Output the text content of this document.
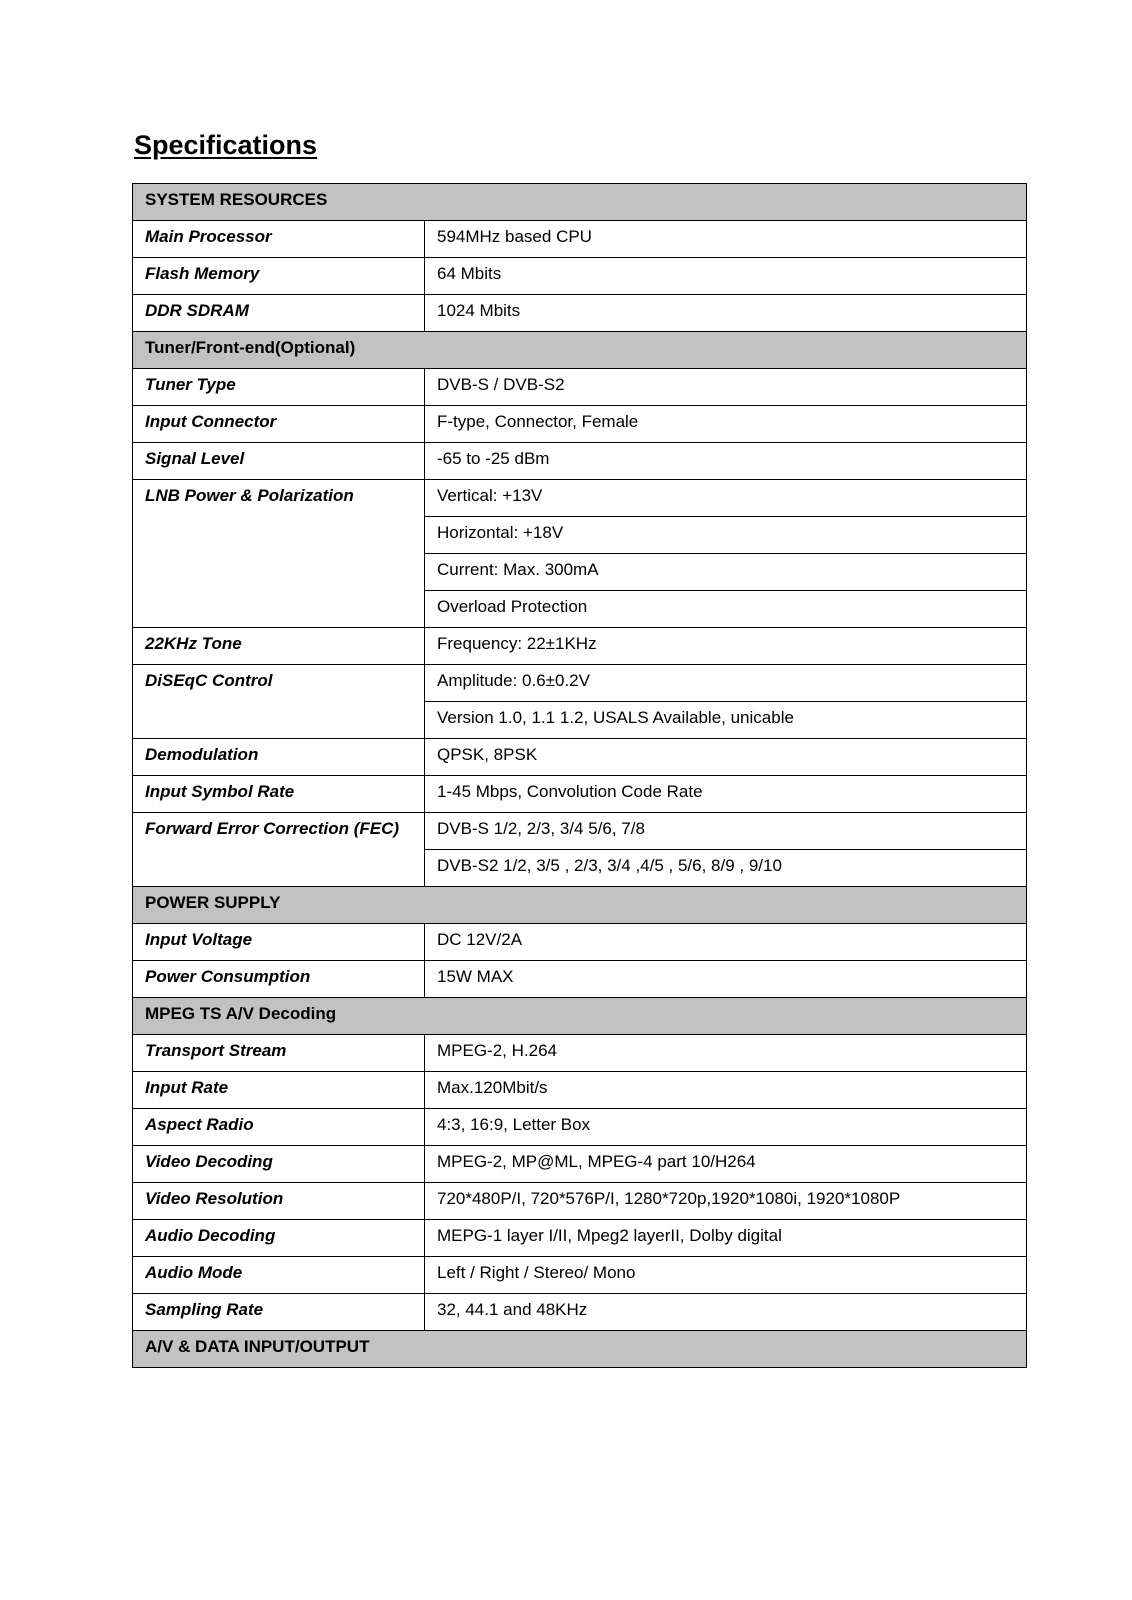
Specifications
SYSTEM RESOURCES	
Main Processor	594MHz based CPU
Flash Memory	64 Mbits
DDR SDRAM	1024 Mbits
Tuner/Front-end(Optional)	
Tuner Type	DVB-S / DVB-S2
Input Connector	F-type, Connector, Female
Signal Level	-65 to -25 dBm
LNB Power & Polarization	Vertical: +13V
	Horizontal: +18V
	Current: Max. 300mA
	Overload Protection
22KHz Tone	Frequency: 22±1KHz
DiSEqC Control	Amplitude: 0.6±0.2V
	Version 1.0, 1.1 1.2, USALS Available, unicable
Demodulation	QPSK, 8PSK
Input Symbol Rate	1-45 Mbps, Convolution Code Rate
Forward Error Correction (FEC)	DVB-S 1/2, 2/3, 3/4 5/6, 7/8
	DVB-S2 1/2, 3/5 , 2/3, 3/4 ,4/5 , 5/6, 8/9 , 9/10
POWER SUPPLY	
Input Voltage	DC 12V/2A
Power Consumption	15W MAX
MPEG TS A/V Decoding	
Transport Stream	MPEG-2, H.264
Input Rate	Max.120Mbit/s
Aspect Radio	4:3, 16:9, Letter Box
Video Decoding	MPEG-2, MP@ML, MPEG-4 part 10/H264
Video Resolution	720*480P/I, 720*576P/I, 1280*720p,1920*1080i, 1920*1080P
Audio Decoding	MEPG-1 layer I/II, Mpeg2 layerII, Dolby digital
Audio Mode	Left / Right / Stereo/ Mono
Sampling Rate	32, 44.1 and 48KHz
A/V & DATA INPUT/OUTPUT	
